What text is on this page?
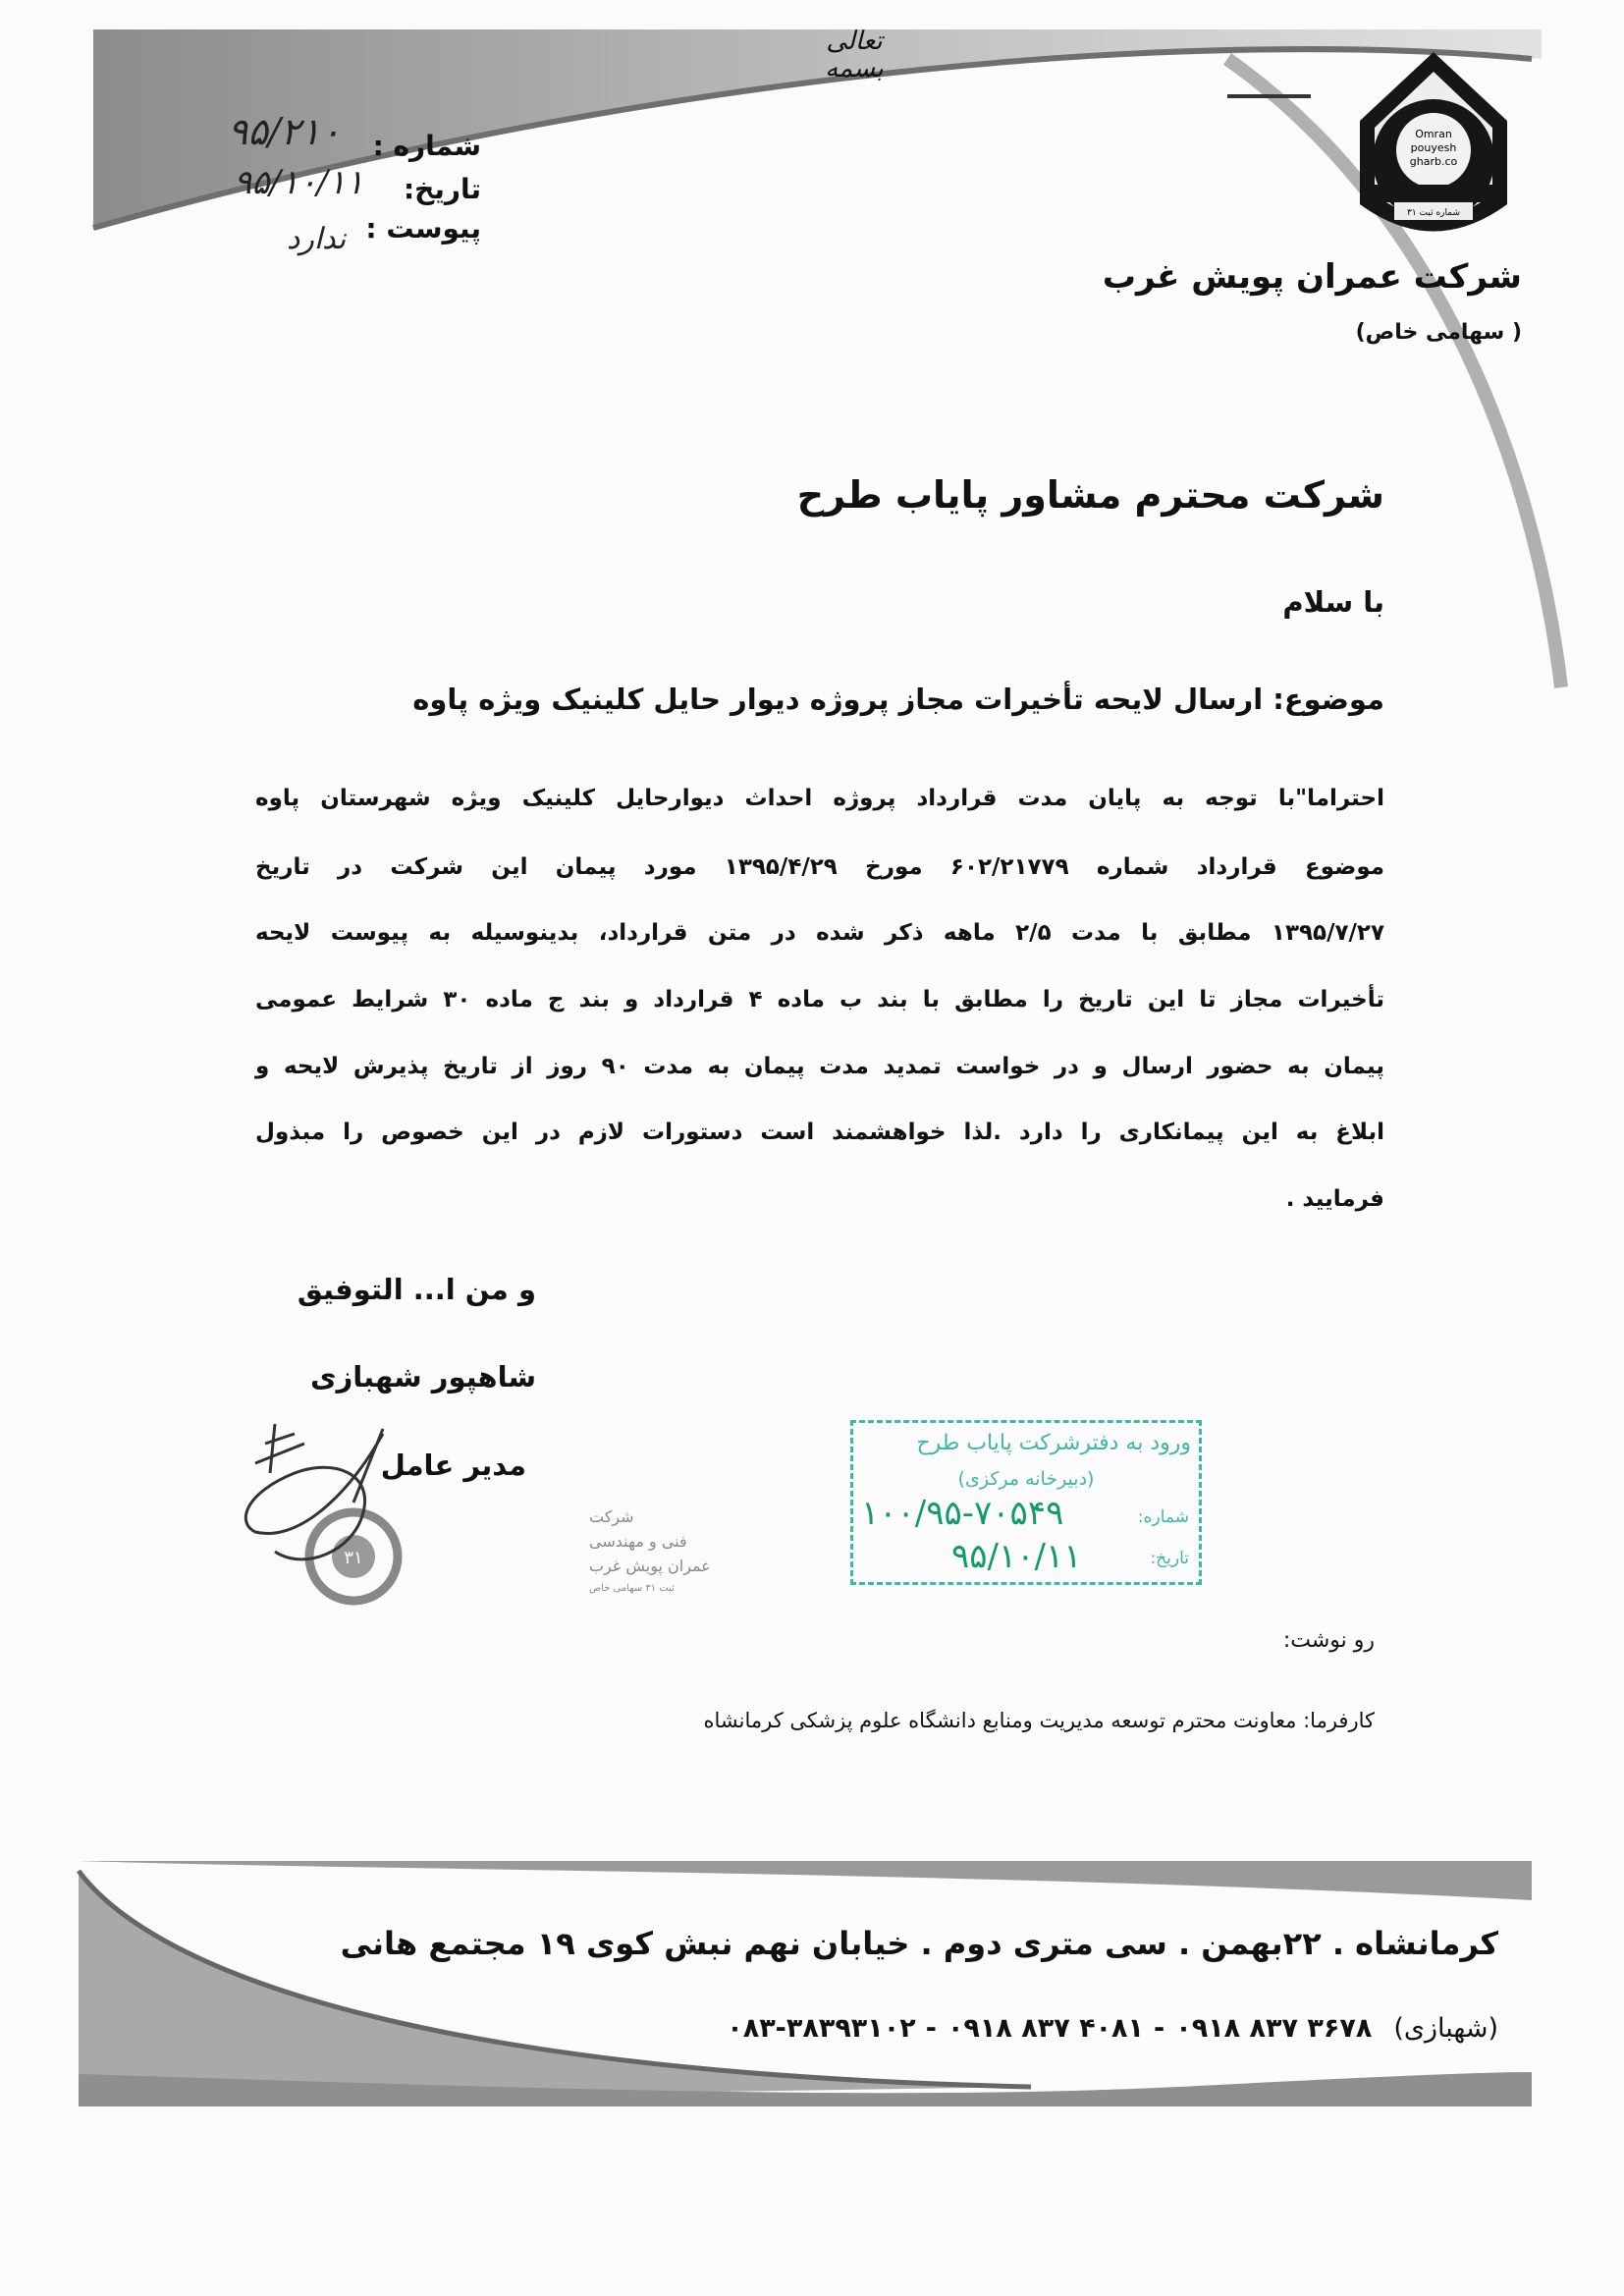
تعالی
بسمه
Omran
pouyesh
gharb.co
شماره ثبت ۳۱
شرکت عمران پویش غرب
( سهامی خاص)
شماره :
۹۵/۲۱۰
تاریخ:
۹۵/۱۰/۱۱
پیوست :
ندارد
شرکت محترم مشاور پایاب طرح
با سلام
موضوع: ارسال لایحه تأخیرات مجاز پروژه دیوار حایل کلینیک ویژه پاوه
احتراما"با توجه به پایان مدت قرارداد پروژه احداث دیوارحایل کلینیک ویژه شهرستان پاوه
موضوع قرارداد شماره ۶۰۲/۲۱۷۷۹ مورخ ۱۳۹۵/۴/۲۹ مورد پیمان این شرکت در تاریخ
۱۳۹۵/۷/۲۷ مطابق با مدت ۲/۵ ماهه ذکر شده در متن قرارداد، بدینوسیله به پیوست لایحه
تأخیرات مجاز تا این تاریخ را مطابق با بند ب ماده ۴ قرارداد و بند ج ماده ۳۰ شرایط عمومی
پیمان به حضور ارسال و در خواست تمدید مدت پیمان به مدت ۹۰ روز از تاریخ پذیرش لایحه و
ابلاغ به این پیمانکاری را دارد .لذا خواهشمند است دستورات لازم در این خصوص را مبذول
فرمایید .
و من ا... التوفیق
شاهپور شهبازی
مدیر عامل
۳۱
شرکت
فنی و مهندسی
عمران پویش غرب
ثبت ۳۱ سهامی خاص
ورود به دفترشرکت پایاب طرح
(دبیرخانه مرکزی)
شماره:
۱۰۰/۹۵-۷۰۵۴۹
تاریخ:
۹۵/۱۰/۱۱
رو نوشت:
کارفرما: معاونت محترم توسعه مدیریت ومنابع دانشگاه علوم پزشکی کرمانشاه
کرمانشاه . ۲۲بهمن . سی متری دوم . خیابان نهم نبش کوی ۱۹ مجتمع هانی
(شهبازی)
۰۸۳-۳۸۳۹۳۱۰۲ - ۰۹۱۸ ۸۳۷ ۴۰۸۱ - ۰۹۱۸ ۸۳۷ ۳۶۷۸
